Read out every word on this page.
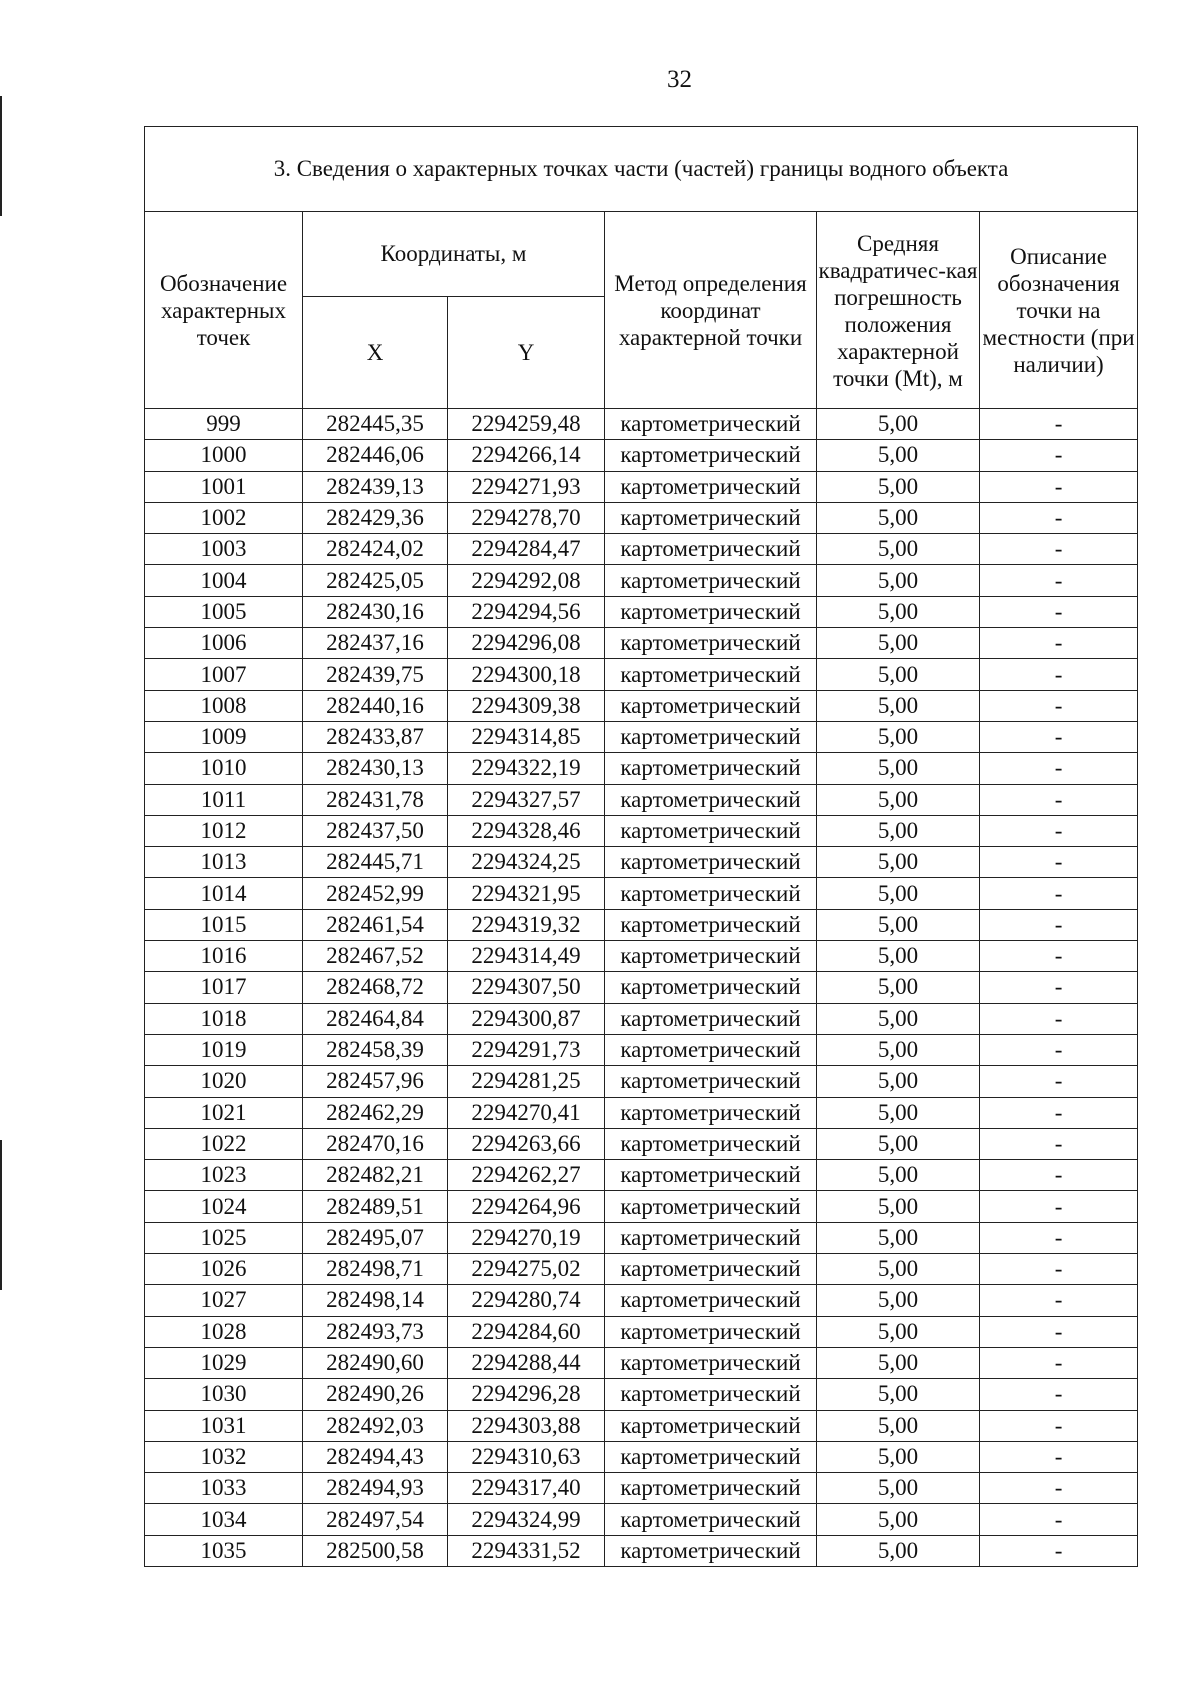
32
3. Сведения о характерных точках части (частей) границы водного объекта					

Обозначение характерных точек	Координаты, м		Метод определения координат характерной точки	Средняя квадратичес-кая погрешность положения характерной точки (Mt), м	Описание обозначения точки на местности (при наличии)

	X	Y			
999	282445,35	2294259,48	картометрический	5,00	-
1000	282446,06	2294266,14	картометрический	5,00	-
1001	282439,13	2294271,93	картометрический	5,00	-
1002	282429,36	2294278,70	картометрический	5,00	-
1003	282424,02	2294284,47	картометрический	5,00	-
1004	282425,05	2294292,08	картометрический	5,00	-
1005	282430,16	2294294,56	картометрический	5,00	-
1006	282437,16	2294296,08	картометрический	5,00	-
1007	282439,75	2294300,18	картометрический	5,00	-
1008	282440,16	2294309,38	картометрический	5,00	-
1009	282433,87	2294314,85	картометрический	5,00	-
1010	282430,13	2294322,19	картометрический	5,00	-
1011	282431,78	2294327,57	картометрический	5,00	-
1012	282437,50	2294328,46	картометрический	5,00	-
1013	282445,71	2294324,25	картометрический	5,00	-
1014	282452,99	2294321,95	картометрический	5,00	-
1015	282461,54	2294319,32	картометрический	5,00	-
1016	282467,52	2294314,49	картометрический	5,00	-
1017	282468,72	2294307,50	картометрический	5,00	-
1018	282464,84	2294300,87	картометрический	5,00	-
1019	282458,39	2294291,73	картометрический	5,00	-
1020	282457,96	2294281,25	картометрический	5,00	-
1021	282462,29	2294270,41	картометрический	5,00	-
1022	282470,16	2294263,66	картометрический	5,00	-
1023	282482,21	2294262,27	картометрический	5,00	-
1024	282489,51	2294264,96	картометрический	5,00	-
1025	282495,07	2294270,19	картометрический	5,00	-
1026	282498,71	2294275,02	картометрический	5,00	-
1027	282498,14	2294280,74	картометрический	5,00	-
1028	282493,73	2294284,60	картометрический	5,00	-
1029	282490,60	2294288,44	картометрический	5,00	-
1030	282490,26	2294296,28	картометрический	5,00	-
1031	282492,03	2294303,88	картометрический	5,00	-
1032	282494,43	2294310,63	картометрический	5,00	-
1033	282494,93	2294317,40	картометрический	5,00	-
1034	282497,54	2294324,99	картометрический	5,00	-
1035	282500,58	2294331,52	картометрический	5,00	-
